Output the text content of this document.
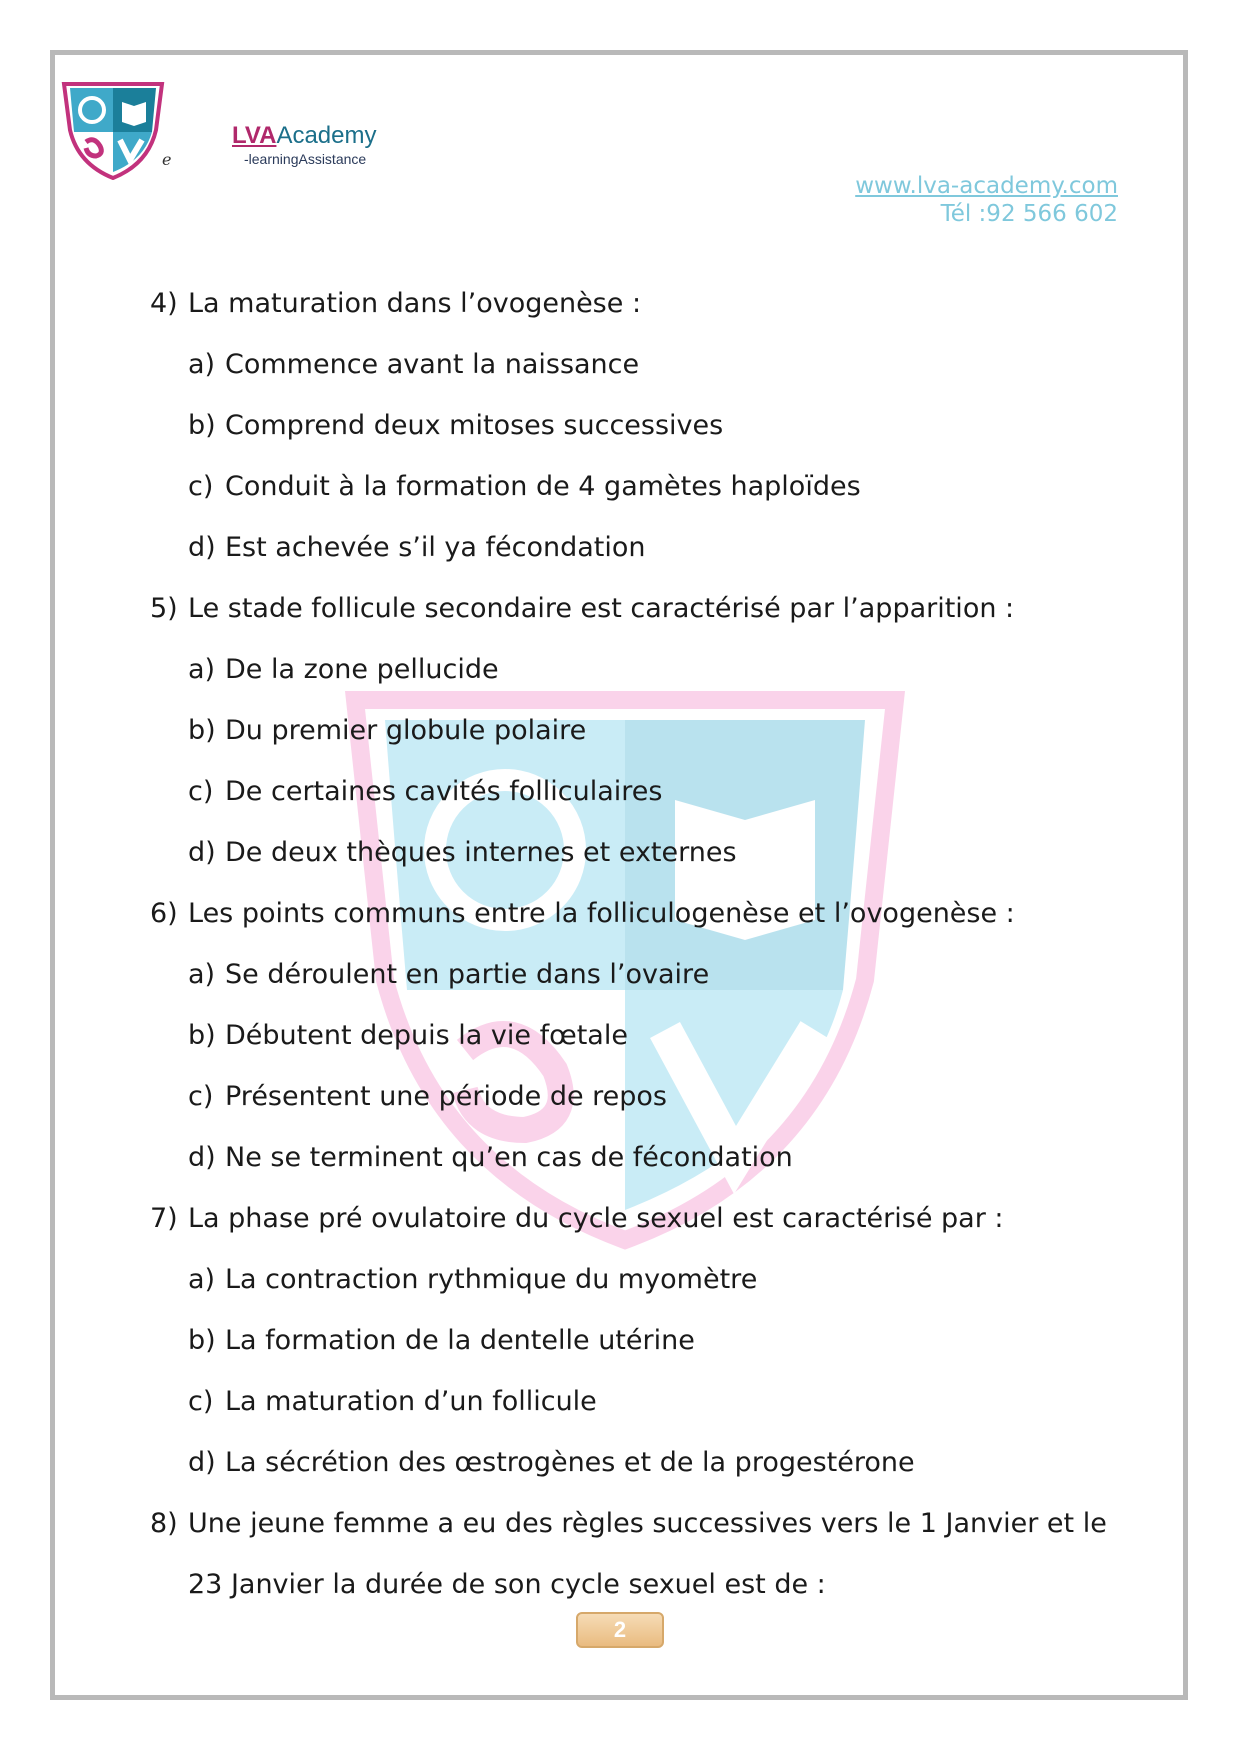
e
LVAAcademy
-learningAssistance
www.lva-academy.com
Tél :92 566 602
4) La maturation dans l’ovogenèse :
a) Commence avant la naissance
b) Comprend deux mitoses successives
c) Conduit à la formation de 4 gamètes haploïdes
d) Est achevée s’il ya fécondation
5) Le stade follicule secondaire est caractérisé par l’apparition :
a) De la zone pellucide
b) Du premier globule polaire
c) De certaines cavités folliculaires
d) De deux thèques internes et externes
6) Les points communs entre la folliculogenèse et l’ovogenèse :
a) Se déroulent en partie dans l’ovaire
b) Débutent depuis la vie fœtale
c) Présentent une période de repos
d) Ne se terminent qu’en cas de fécondation
7) La phase pré ovulatoire du cycle sexuel est caractérisé par :
a) La contraction rythmique du myomètre
b) La formation de la dentelle utérine
c) La maturation d’un follicule
d) La sécrétion des œstrogènes et de la progestérone
8) Une jeune femme a eu des règles successives vers le 1 Janvier et le
23 Janvier la durée de son cycle sexuel est de :
2
